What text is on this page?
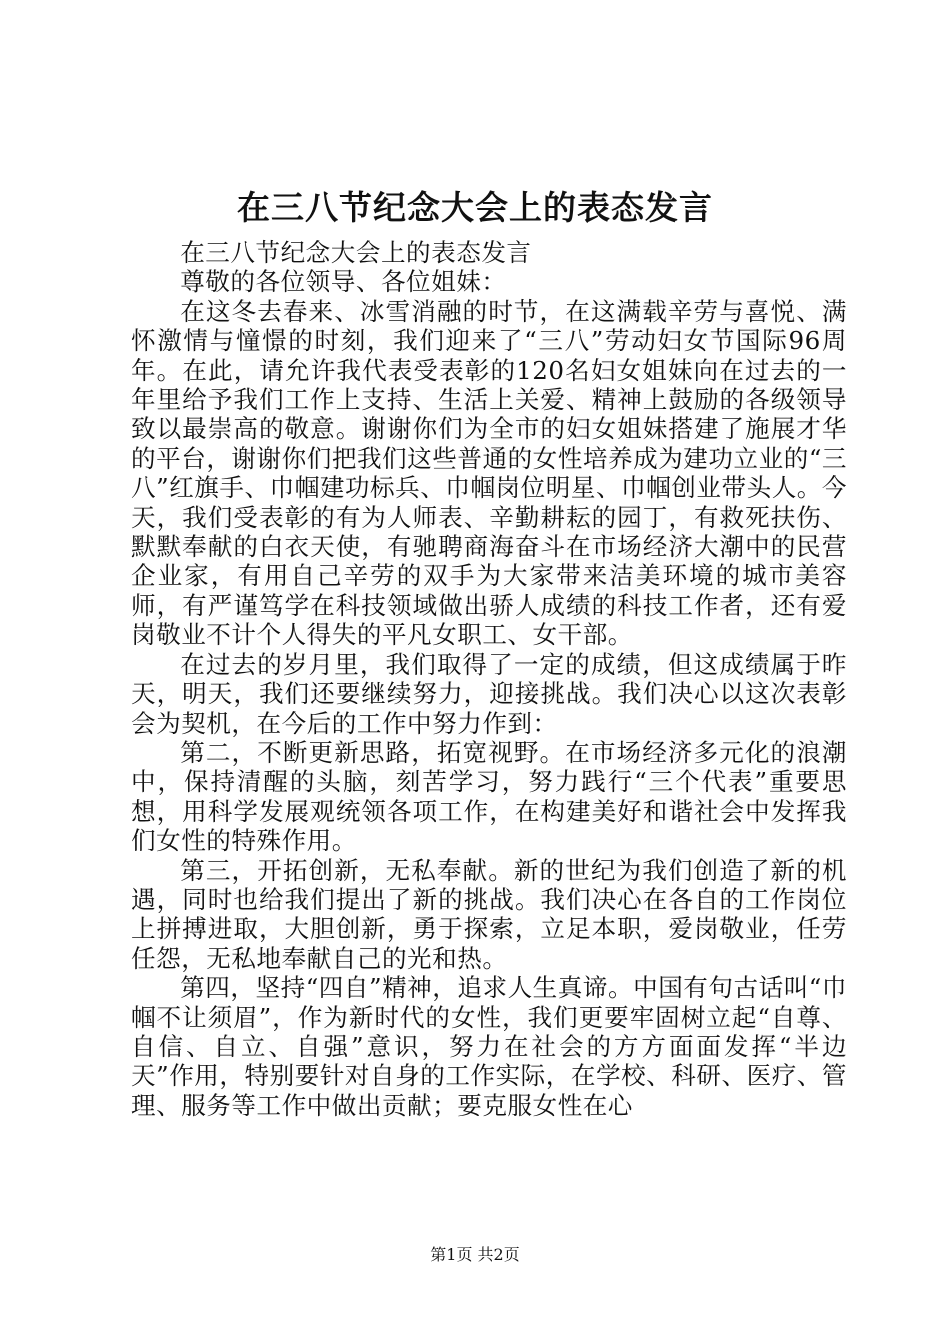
在三八节纪念大会上的表态发言

在三八节纪念大会上的表态发言

尊敬的各位领导、各位姐妹：

在这冬去春来、冰雪消融的时节，在这满载辛劳与喜悦、满怀激情与憧憬的时刻，我们迎来了“三八”劳动妇女节国际96周年。在此，请允许我代表受表彰的120名妇女姐妹向在过去的一年里给予我们工作上支持、生活上关爱、精神上鼓励的各级领导致以最崇高的敬意。谢谢你们为全市的妇女姐妹搭建了施展才华的平台，谢谢你们把我们这些普通的女性培养成为建功立业的“三八”红旗手、巾帼建功标兵、巾帼岗位明星、巾帼创业带头人。今天，我们受表彰的有为人师表、辛勤耕耘的园丁，有救死扶伤、默默奉献的白衣天使，有驰聘商海奋斗在市场经济大潮中的民营企业家，有用自己辛劳的双手为大家带来洁美环境的城市美容师，有严谨笃学在科技领域做出骄人成绩的科技工作者，还有爱岗敬业不计个人得失的平凡女职工、女干部。

在过去的岁月里，我们取得了一定的成绩，但这成绩属于昨天，明天，我们还要继续努力，迎接挑战。我们决心以这次表彰会为契机，在今后的工作中努力作到：

第二，不断更新思路，拓宽视野。在市场经济多元化的浪潮中，保持清醒的头脑，刻苦学习，努力践行“三个代表”重要思想，用科学发展观统领各项工作，在构建美好和谐社会中发挥我们女性的特殊作用。

第三，开拓创新，无私奉献。新的世纪为我们创造了新的机遇，同时也给我们提出了新的挑战。我们决心在各自的工作岗位上拼搏进取，大胆创新，勇于探索，立足本职，爱岗敬业，任劳任怨，无私地奉献自己的光和热。

第四，坚持“四自”精神，追求人生真谛。中国有句古话叫“巾帼不让须眉”，作为新时代的女性，我们更要牢固树立起“自尊、自信、自立、自强”意识，努力在社会的方方面面发挥“半边天”作用，特别要针对自身的工作实际，在学校、科研、医疗、管理、服务等工作中做出贡献；要克服女性在心

第1页 共2页
